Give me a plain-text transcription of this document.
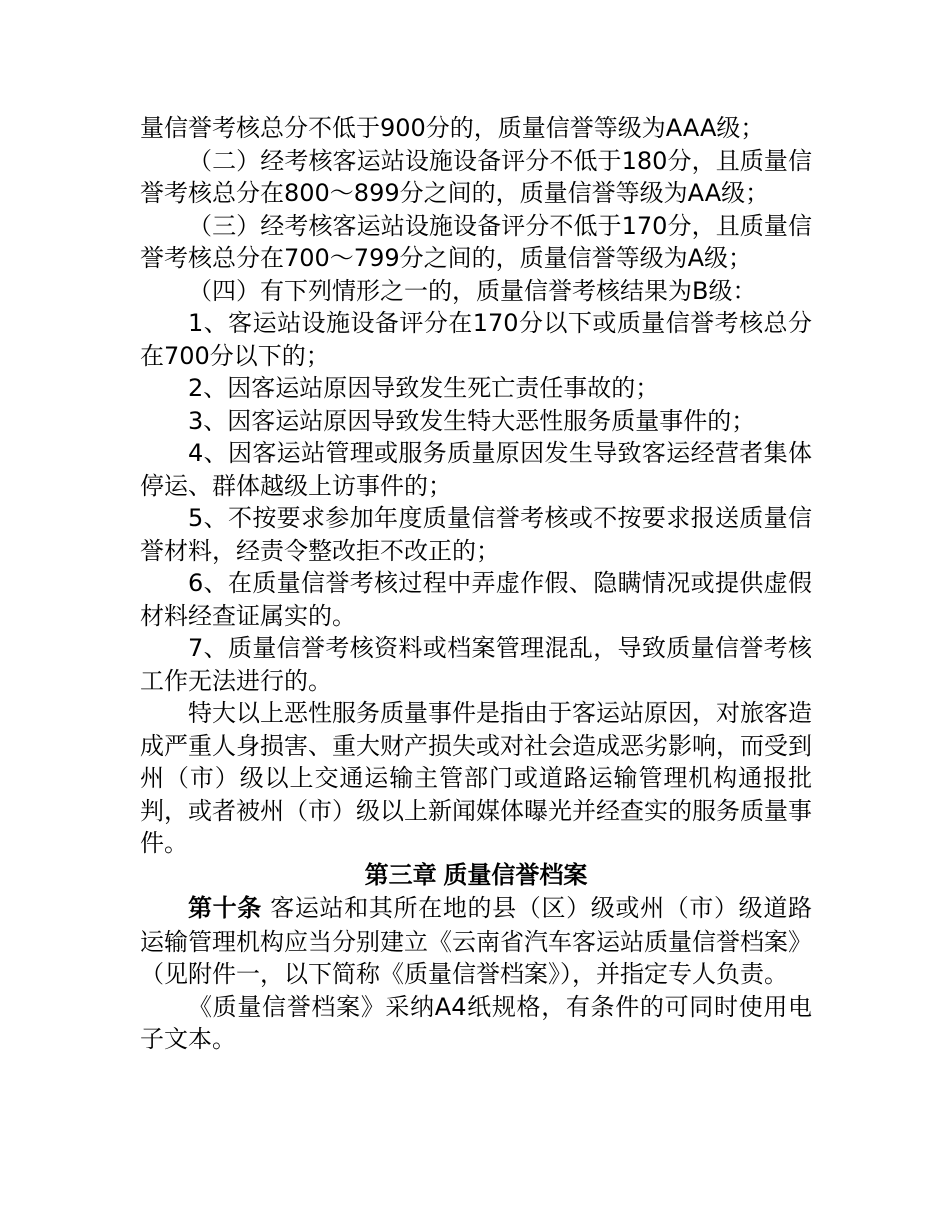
量信誉考核总分不低于900分的，质量信誉等级为AAA级；

（二）经考核客运站设施设备评分不低于180分，且质量信誉考核总分在800～899分之间的，质量信誉等级为AA级；

（三）经考核客运站设施设备评分不低于170分，且质量信誉考核总分在700～799分之间的，质量信誉等级为A级；

（四）有下列情形之一的，质量信誉考核结果为B级：

1、客运站设施设备评分在170分以下或质量信誉考核总分在700分以下的；

2、因客运站原因导致发生死亡责任事故的；

3、因客运站原因导致发生特大恶性服务质量事件的；

4、因客运站管理或服务质量原因发生导致客运经营者集体停运、群体越级上访事件的；

5、不按要求参加年度质量信誉考核或不按要求报送质量信誉材料，经责令整改拒不改正的；

6、在质量信誉考核过程中弄虚作假、隐瞒情况或提供虚假材料经查证属实的。

7、质量信誉考核资料或档案管理混乱，导致质量信誉考核工作无法进行的。

特大以上恶性服务质量事件是指由于客运站原因，对旅客造成严重人身损害、重大财产损失或对社会造成恶劣影响，而受到州（市）级以上交通运输主管部门或道路运输管理机构通报批判，或者被州（市）级以上新闻媒体曝光并经查实的服务质量事件。

第三章 质量信誉档案

第十条 客运站和其所在地的县（区）级或州（市）级道路运输管理机构应当分别建立《云南省汽车客运站质量信誉档案》（见附件一，以下简称《质量信誉档案》），并指定专人负责。

《质量信誉档案》采纳A4纸规格，有条件的可同时使用电子文本。
